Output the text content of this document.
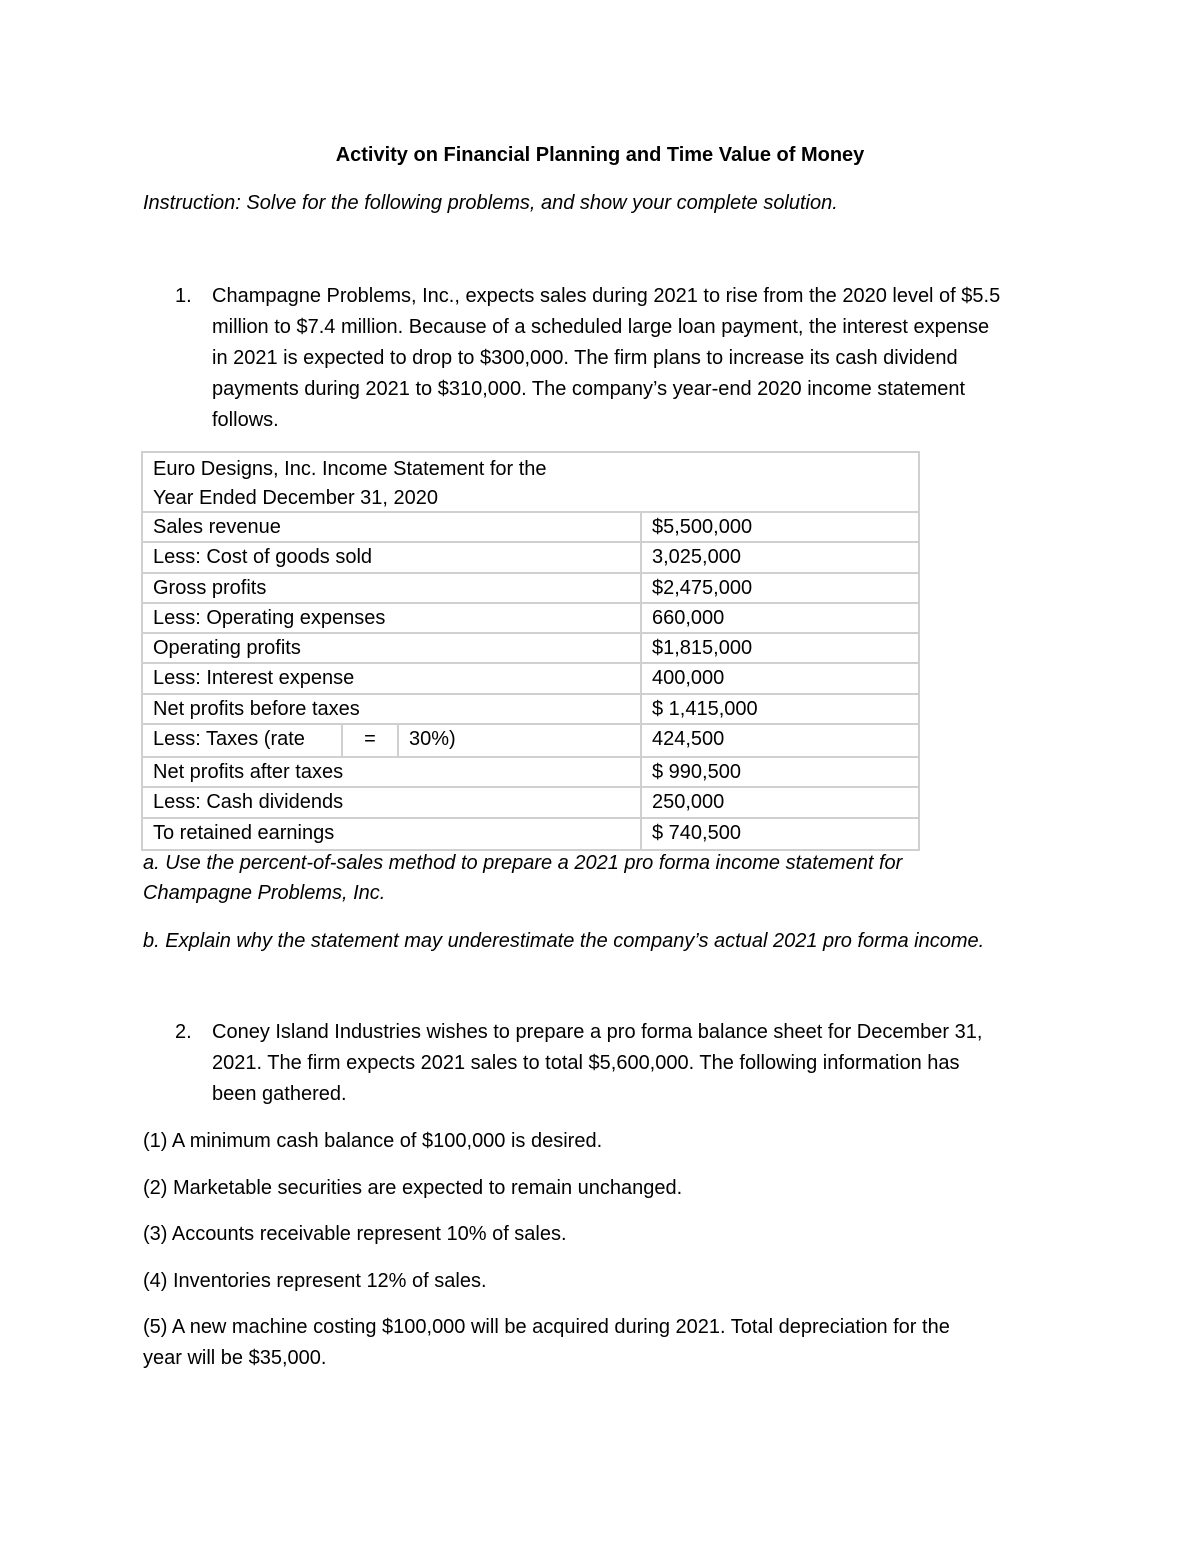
Activity on Financial Planning and Time Value of Money

Instruction: Solve for the following problems, and show your complete solution.

1. Champagne Problems, Inc., expects sales during 2021 to rise from the 2020 level of $5.5
million to $7.4 million. Because of a scheduled large loan payment, the interest expense
in 2021 is expected to drop to $300,000. The firm plans to increase its cash dividend
payments during 2021 to $310,000. The company’s year-end 2020 income statement
follows.
Euro Designs, Inc. Income Statement for the
Year Ended December 31, 2020
Sales revenue	$5,500,000
Less: Cost of goods sold	3,025,000
Gross profits	$2,475,000
Less: Operating expenses	660,000
Operating profits	$1,815,000
Less: Interest expense	400,000
Net profits before taxes	$ 1,415,000
Less: Taxes (rate	=	30%)	424,500
Net profits after taxes	$ 990,500
Less: Cash dividends	250,000
To retained earnings	$ 740,500
a. Use the percent-of-sales method to prepare a 2021 pro forma income statement for
Champagne Problems, Inc.

b. Explain why the statement may underestimate the company’s actual 2021 pro forma income.

2. Coney Island Industries wishes to prepare a pro forma balance sheet for December 31,
2021. The firm expects 2021 sales to total $5,600,000. The following information has
been gathered.

(1) A minimum cash balance of $100,000 is desired.

(2) Marketable securities are expected to remain unchanged.

(3) Accounts receivable represent 10% of sales.

(4) Inventories represent 12% of sales.

(5) A new machine costing $100,000 will be acquired during 2021. Total depreciation for the
year will be $35,000.
